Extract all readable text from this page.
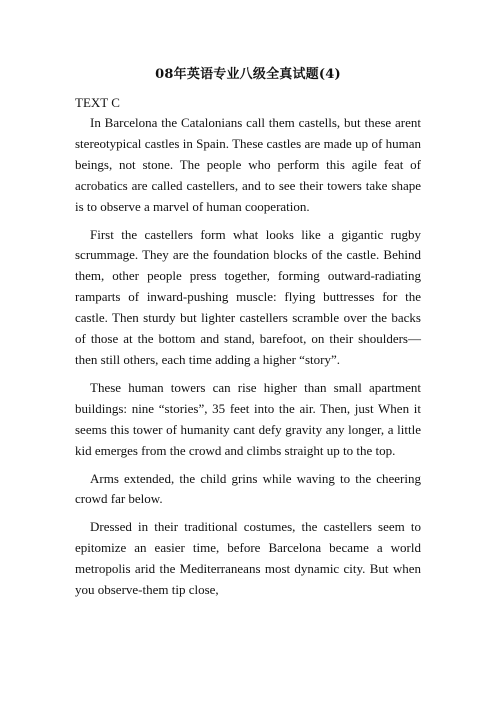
08年英语专业八级全真试题(4)
TEXT C

In Barcelona the Catalonians call them castells, but these arent stereotypical castles in Spain. These castles are made up of human beings, not stone. The people who perform this agile feat of acrobatics are called castellers, and to see their towers take shape is to observe a marvel of human cooperation.

First the castellers form what looks like a gigantic rugby scrummage. They are the foundation blocks of the castle. Behind them, other people press together, forming outward-radiating ramparts of inward-pushing muscle: flying buttresses for the castle. Then sturdy but lighter castellers scramble over the backs of those at the bottom and stand, barefoot, on their shoulders—then still others, each time adding a higher “story”.

These human towers can rise higher than small apartment buildings: nine “stories”, 35 feet into the air. Then, just When it seems this tower of humanity cant defy gravity any longer, a little kid emerges from the crowd and climbs straight up to the top.

Arms extended, the child grins while waving to the cheering crowd far below.

Dressed in their traditional costumes, the castellers seem to epitomize an easier time, before Barcelona became a world metropolis arid the Mediterraneans most dynamic city. But when you observe-them tip close,
